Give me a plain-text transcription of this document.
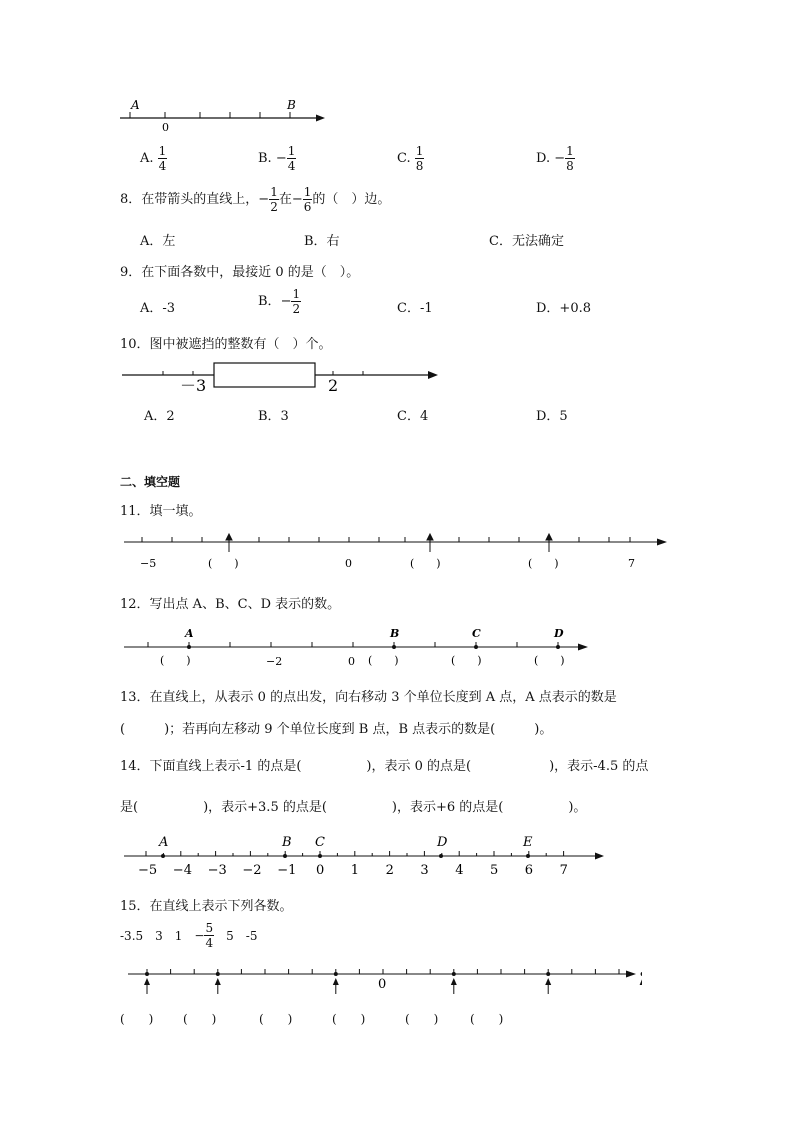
A	B
0
A. $\frac{1}{4}$	B. − $\frac{1}{4}$	C. $\frac{1}{8}$	D. − $\frac{1}{8}$
8．在带箭头的直线上，− $\frac{1}{2}$ 在− $\frac{1}{6}$ 的（　）边。
A．左	B．右	C．无法确定
9．在下面各数中，最接近 0 的是（　）。
A．-3	B．− $\frac{1}{2}$	C．-1	D．+0.8
10．图中被遮挡的整数有（　）个。
－3	2
A．2	B．3	C．4	D．5
二、填空题
11．填一填。
−5	0	7
(　　)	(　　)	(　　)
12．写出点 A、B、C、D 表示的数。
A	B	C	D
−2	0
(　　)	(　　)	(　　)	(　　)
13．在直线上，从表示 0 的点出发，向右移动 3 个单位长度到 A 点，A 点表示的数是
(　　　)；若再向左移动 9 个单位长度到 B 点，B 点表示的数是(　　　)。
14．下面直线上表示-1 的点是(　　　　　)，表示 0 的点是(　　　　　　)，表示-4.5 的点
是(　　　　　)，表示+3.5 的点是(　　　　　)，表示+6 的点是(　　　　　)。
A	B C	D	E
−5 −4 −3 −2 −1 0 1 2 3 4 5 6 7
15．在直线上表示下列各数。
-3.5　3　1　− $\frac{5}{4}$ 　5　-5
0
(　　) (　　)	(　　)	(　　)	(　　)	(　　)
